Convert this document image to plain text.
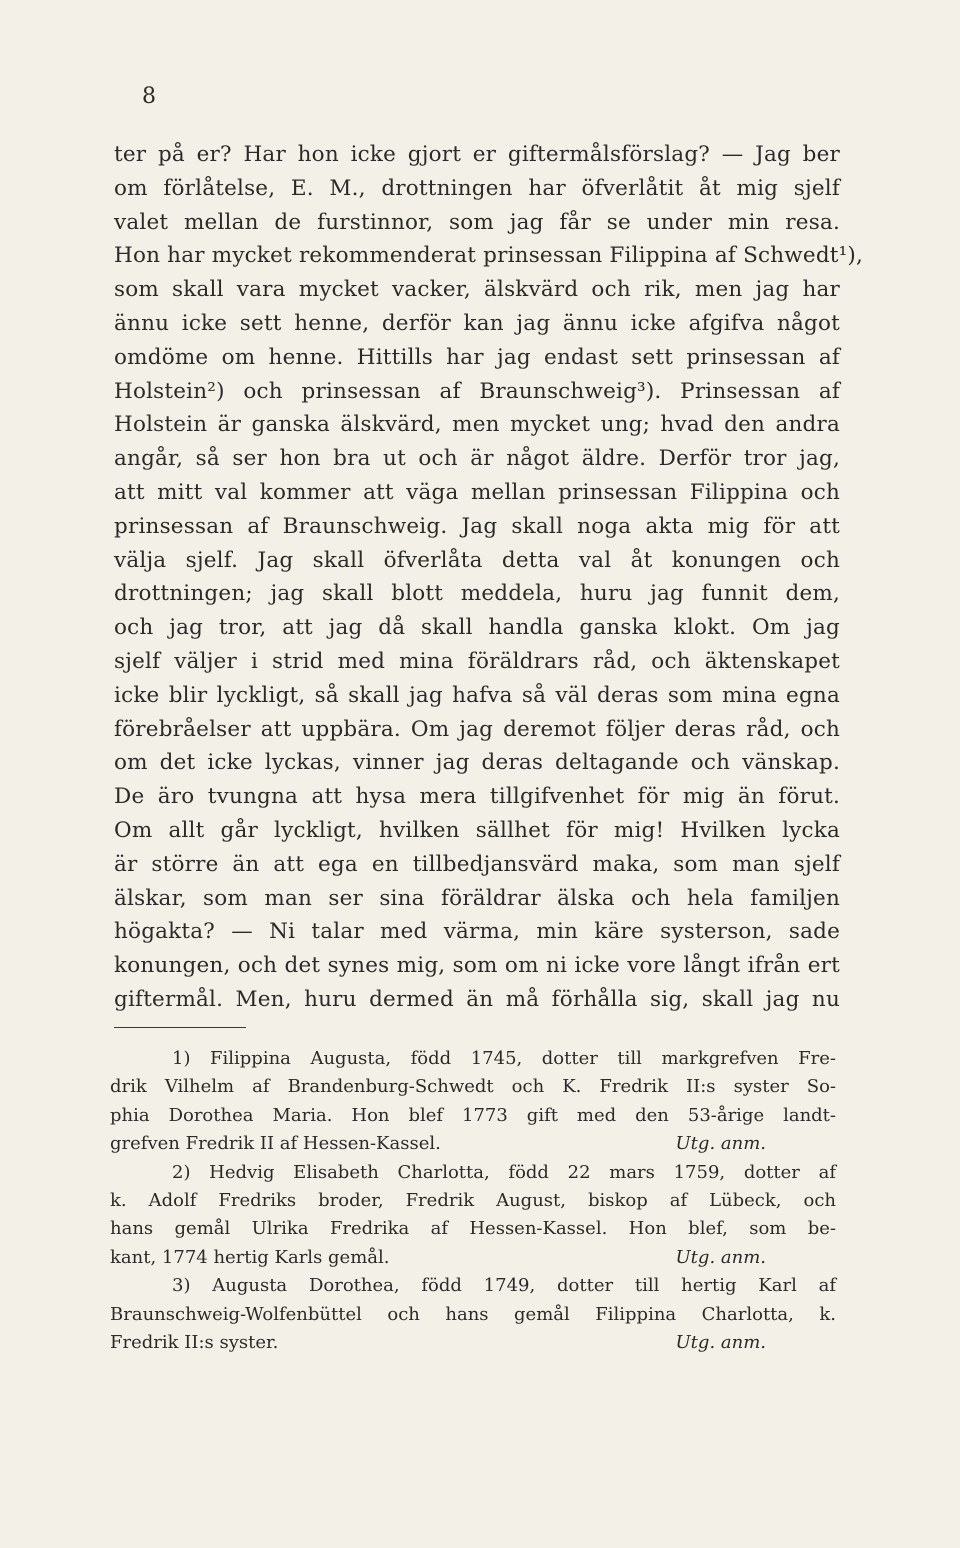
8
ter på er? Har hon icke gjort er giftermålsförslag? — Jag ber
om förlåtelse, E. M., drottningen har öfverlåtit åt mig sjelf
valet mellan de furstinnor, som jag får se under min resa.
Hon har mycket rekommenderat prinsessan Filippina af Schwedt¹),
som skall vara mycket vacker, älskvärd och rik, men jag har
ännu icke sett henne, derför kan jag ännu icke afgifva något
omdöme om henne. Hittills har jag endast sett prinsessan af
Holstein²) och prinsessan af Braunschweig³). Prinsessan af
Holstein är ganska älskvärd, men mycket ung; hvad den andra
angår, så ser hon bra ut och är något äldre. Derför tror jag,
att mitt val kommer att väga mellan prinsessan Filippina och
prinsessan af Braunschweig. Jag skall noga akta mig för att
välja sjelf. Jag skall öfverlåta detta val åt konungen och
drottningen; jag skall blott meddela, huru jag funnit dem,
och jag tror, att jag då skall handla ganska klokt. Om jag
sjelf väljer i strid med mina föräldrars råd, och äktenskapet
icke blir lyckligt, så skall jag hafva så väl deras som mina egna
förebråelser att uppbära. Om jag deremot följer deras råd, och
om det icke lyckas, vinner jag deras deltagande och vänskap.
De äro tvungna att hysa mera tillgifvenhet för mig än förut.
Om allt går lyckligt, hvilken sällhet för mig! Hvilken lycka
är större än att ega en tillbedjansvärd maka, som man sjelf
älskar, som man ser sina föräldrar älska och hela familjen
högakta? — Ni talar med värma, min käre systerson, sade
konungen, och det synes mig, som om ni icke vore långt ifrån ert
giftermål. Men, huru dermed än må förhålla sig, skall jag nu
1) Filippina Augusta, född 1745, dotter till markgrefven Fre-
drik Vilhelm af Brandenburg-Schwedt och K. Fredrik II:s syster So-
phia Dorothea Maria. Hon blef 1773 gift med den 53-årige landt-
grefven Fredrik II af Hessen-Kassel.	Utg. anm.
2) Hedvig Elisabeth Charlotta, född 22 mars 1759, dotter af
k. Adolf Fredriks broder, Fredrik August, biskop af Lübeck, och
hans gemål Ulrika Fredrika af Hessen-Kassel. Hon blef, som be-
kant, 1774 hertig Karls gemål.	Utg. anm.
3) Augusta Dorothea, född 1749, dotter till hertig Karl af
Braunschweig-Wolfenbüttel och hans gemål Filippina Charlotta, k.
Fredrik II:s syster.	Utg. anm.
